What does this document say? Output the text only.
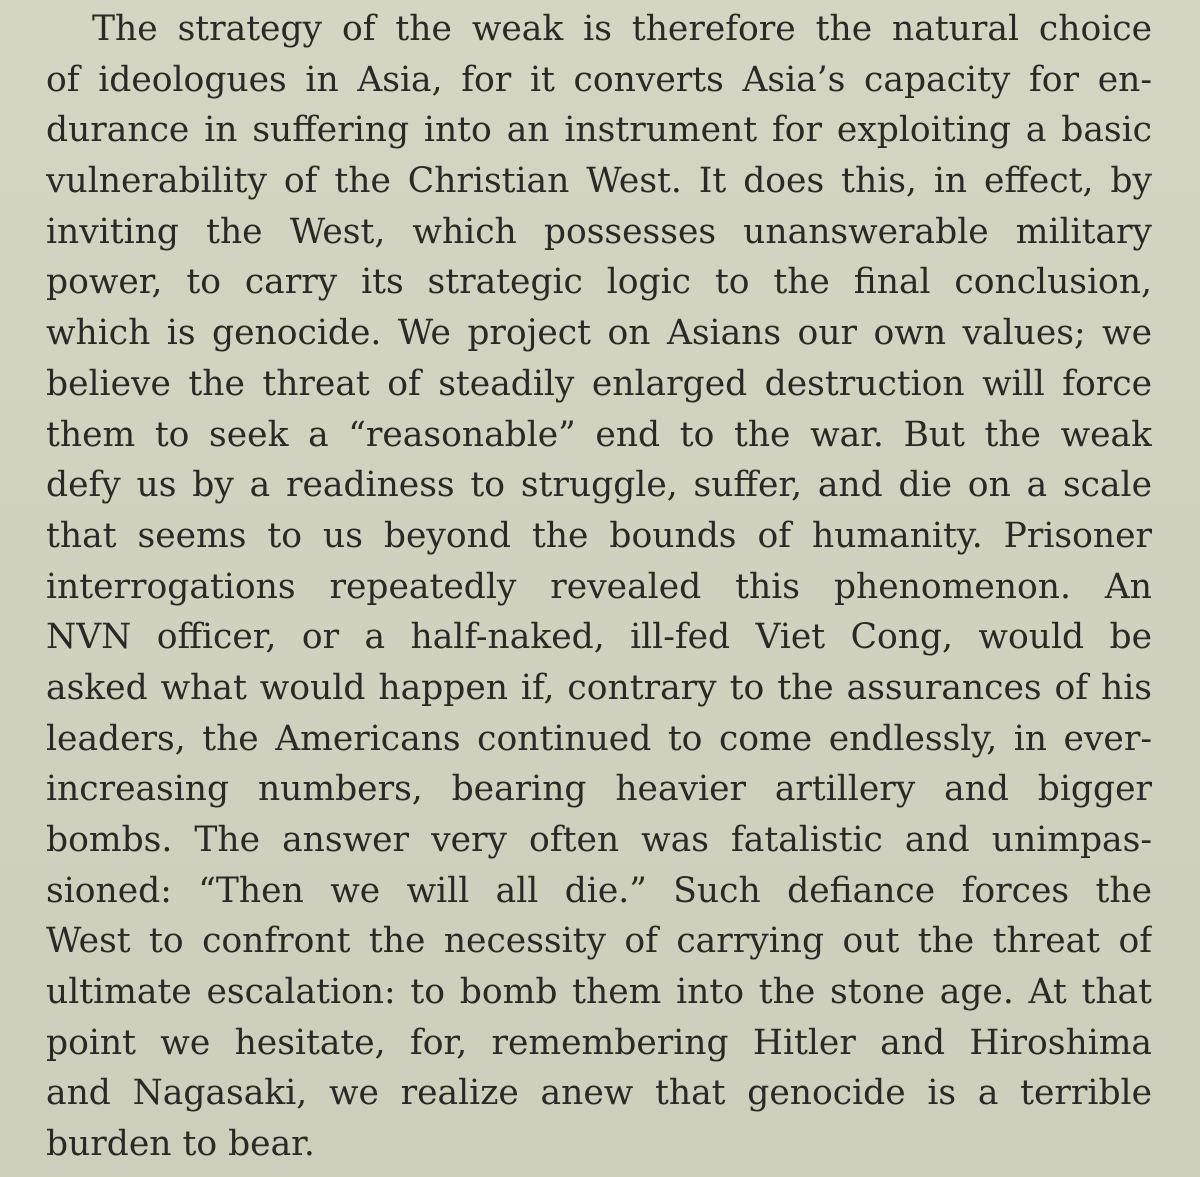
The strategy of the weak is therefore the natural choice
of ideologues in Asia, for it converts Asia’s capacity for en-
durance in suffering into an instrument for exploiting a basic
vulnerability of the Christian West. It does this, in effect, by
inviting the West, which possesses unanswerable military
power, to carry its strategic logic to the final conclusion,
which is genocide. We project on Asians our own values; we
believe the threat of steadily enlarged destruction will force
them to seek a “reasonable” end to the war. But the weak
defy us by a readiness to struggle, suffer, and die on a scale
that seems to us beyond the bounds of humanity. Prisoner
interrogations repeatedly revealed this phenomenon. An
NVN officer, or a half-naked, ill-fed Viet Cong, would be
asked what would happen if, contrary to the assurances of his
leaders, the Americans continued to come endlessly, in ever-
increasing numbers, bearing heavier artillery and bigger
bombs. The answer very often was fatalistic and unimpas-
sioned: “Then we will all die.” Such defiance forces the
West to confront the necessity of carrying out the threat of
ultimate escalation: to bomb them into the stone age. At that
point we hesitate, for, remembering Hitler and Hiroshima
and Nagasaki, we realize anew that genocide is a terrible
burden to bear.
